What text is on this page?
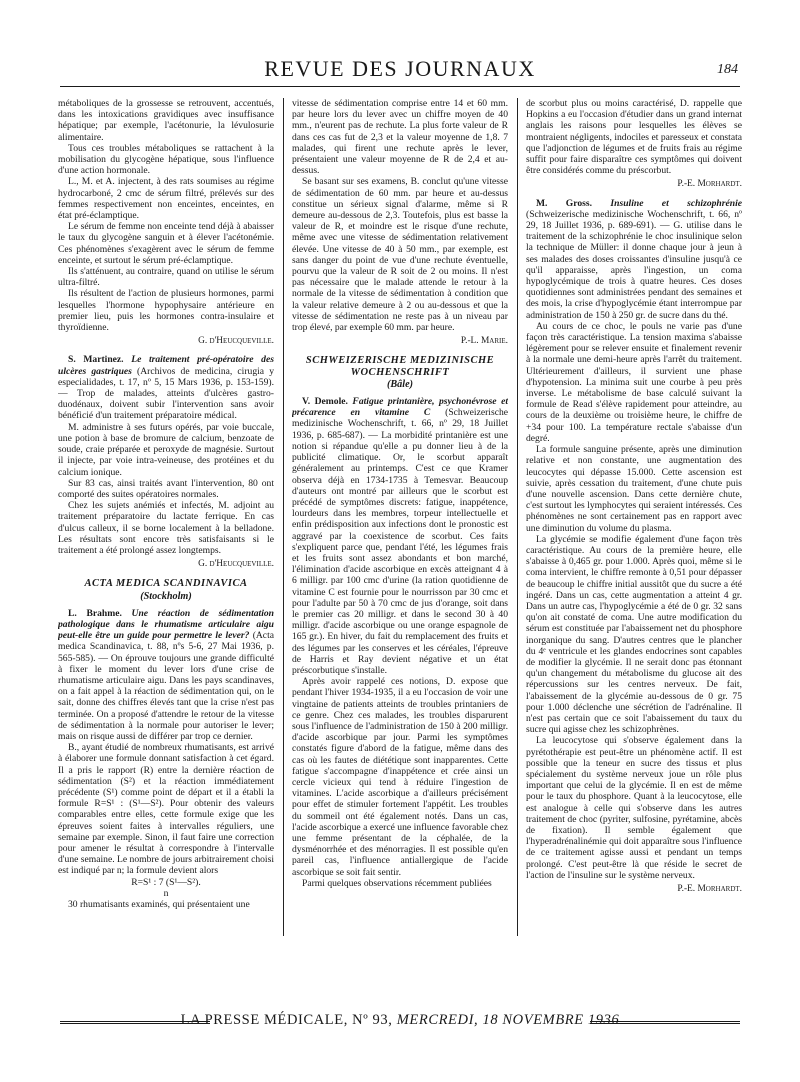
REVUE DES JOURNAUX	184

métaboliques de la grossesse se retrouvent, accentués, dans les intoxications gravidiques avec insuffisance hépatique; par exemple, l'acétonurie, la lévulosurie alimentaire.

Tous ces troubles métaboliques se rattachent à la mobilisation du glycogène hépatique, sous l'influence d'une action hormonale.

L., M. et A. injectent, à des rats soumises au régime hydrocarboné, 2 cmc de sérum filtré, prélevés sur des femmes respectivement non enceintes, enceintes, en état pré-éclamptique.

Le sérum de femme non enceinte tend déjà à abaisser le taux du glycogène sanguin et à élever l'acétonémie. Ces phénomènes s'exagèrent avec le sérum de femme enceinte, et surtout le sérum pré-éclamptique.

Ils s'atténuent, au contraire, quand on utilise le sérum ultra-filtré.

Ils résultent de l'action de plusieurs hormones, parmi lesquelles l'hormone hypophysaire antérieure en premier lieu, puis les hormones contra-insulaire et thyroïdienne.

G. d'Heucqueville.

S. Martinez. Le traitement pré-opératoire des ulcères gastriques (Archivos de medicina, cirugia y especialidades, t. 17, nº 5, 15 Mars 1936, p. 153-159). — Trop de malades, atteints d'ulcères gastro-duodénaux, doivent subir l'intervention sans avoir bénéficié d'un traitement préparatoire médical.

M. administre à ses futurs opérés, par voie buccale, une potion à base de bromure de calcium, benzoate de soude, craie préparée et peroxyde de magnésie. Surtout il injecte, par voie intra-veineuse, des protéines et du calcium ionique.

Sur 83 cas, ainsi traités avant l'intervention, 80 ont comporté des suites opératoires normales.

Chez les sujets anémiés et infectés, M. adjoint au traitement préparatoire du lactate ferrique. En cas d'ulcus calleux, il se borne localement à la belladone. Les résultats sont encore très satisfaisants si le traitement a été prolongé assez longtemps.

G. d'Heucqueville.
ACTA MEDICA SCANDINAVICA
(Stockholm)

L. Brahme. Une réaction de sédimentation pathologique dans le rhumatisme articulaire aigu peut-elle être un guide pour permettre le lever? (Acta medica Scandinavica, t. 88, nºs 5-6, 27 Mai 1936, p. 565-585). — On éprouve toujours une grande difficulté à fixer le moment du lever lors d'une crise de rhumatisme articulaire aigu. Dans les pays scandinaves, on a fait appel à la réaction de sédimentation qui, on le sait, donne des chiffres élevés tant que la crise n'est pas terminée. On a proposé d'attendre le retour de la vitesse de sédimentation à la normale pour autoriser le lever; mais on risque aussi de différer par trop ce dernier.

B., ayant étudié de nombreux rhumatisants, est arrivé à élaborer une formule donnant satisfaction à cet égard. Il a pris le rapport (R) entre la dernière réaction de sédimentation (S²) et la réaction immédiatement précédente (S¹) comme point de départ et il a établi la formule R=S¹ : (S¹—S²). Pour obtenir des valeurs comparables entre elles, cette formule exige que les épreuves soient faites à intervalles réguliers, une semaine par exemple. Sinon, il faut faire une correction pour amener le résultat à correspondre à l'intervalle d'une semaine. Le nombre de jours arbitrairement choisi est indiqué par n; la formule devient alors

R=S¹ : 7 (S¹—S²).

n

30 rhumatisants examinés, qui présentaient une

vitesse de sédimentation comprise entre 14 et 60 mm. par heure lors du lever avec un chiffre moyen de 40 mm., n'eurent pas de rechute. La plus forte valeur de R dans ces cas fut de 2,3 et la valeur moyenne de 1,8. 7 malades, qui firent une rechute après le lever, présentaient une valeur moyenne de R de 2,4 et au-dessus.

Se basant sur ses examens, B. conclut qu'une vitesse de sédimentation de 60 mm. par heure et au-dessus constitue un sérieux signal d'alarme, même si R demeure au-dessous de 2,3. Toutefois, plus est basse la valeur de R, et moindre est le risque d'une rechute, même avec une vitesse de sédimentation relativement élevée. Une vitesse de 40 à 50 mm., par exemple, est sans danger du point de vue d'une rechute éventuelle, pourvu que la valeur de R soit de 2 ou moins. Il n'est pas nécessaire que le malade attende le retour à la normale de la vitesse de sédimentation à condition que la valeur relative demeure à 2 ou au-dessous et que la vitesse de sédimentation ne reste pas à un niveau par trop élevé, par exemple 60 mm. par heure.

P.-L. Marie.
SCHWEIZERISCHE MEDIZINISCHE WOCHENSCHRIFT
(Bâle)

V. Demole. Fatigue printanière, psychonévrose et précarence en vitamine C (Schweizerische medizinische Wochenschrift, t. 66, nº 29, 18 Juillet 1936, p. 685-687). — La morbidité printanière est une notion si répandue qu'elle a pu donner lieu à de la publicité climatique. Or, le scorbut apparaît généralement au printemps. C'est ce que Kramer observa déjà en 1734-1735 à Temesvar. Beaucoup d'auteurs ont montré par ailleurs que le scorbut est précédé de symptômes discrets: fatigue, inappétence, lourdeurs dans les membres, torpeur intellectuelle et enfin prédisposition aux infections dont le pronostic est aggravé par la coexistence de scorbut. Ces faits s'expliquent parce que, pendant l'été, les légumes frais et les fruits sont assez abondants et bon marché, l'élimination d'acide ascorbique en excès atteignant 4 à 6 milligr. par 100 cmc d'urine (la ration quotidienne de vitamine C est fournie pour le nourrisson par 30 cmc et pour l'adulte par 50 à 70 cmc de jus d'orange, soit dans le premier cas 20 milligr. et dans le second 30 à 40 milligr. d'acide ascorbique ou une orange espagnole de 165 gr.). En hiver, du fait du remplacement des fruits et des légumes par les conserves et les céréales, l'épreuve de Harris et Ray devient négative et un état préscorbutique s'installe.

Après avoir rappelé ces notions, D. expose que pendant l'hiver 1934-1935, il a eu l'occasion de voir une vingtaine de patients atteints de troubles printaniers de ce genre. Chez ces malades, les troubles disparurent sous l'influence de l'administration de 150 à 200 milligr. d'acide ascorbique par jour. Parmi les symptômes constatés figure d'abord de la fatigue, même dans des cas où les fautes de diététique sont inapparentes. Cette fatigue s'accompagne d'inappétence et crée ainsi un cercle vicieux qui tend à réduire l'ingestion de vitamines. L'acide ascorbique a d'ailleurs précisément pour effet de stimuler fortement l'appétit. Les troubles du sommeil ont été également notés. Dans un cas, l'acide ascorbique a exercé une influence favorable chez une femme présentant de la céphalée, de la dysménorrhée et des ménorragies. Il est possible qu'en pareil cas, l'influence antiallergique de l'acide ascorbique se soit fait sentir.

Parmi quelques observations récemment publiées

de scorbut plus ou moins caractérisé, D. rappelle que Hopkins a eu l'occasion d'étudier dans un grand internat anglais les raisons pour lesquelles les élèves se montraient négligents, indociles et paresseux et constata que l'adjonction de légumes et de fruits frais au régime suffit pour faire disparaître ces symptômes qui doivent être considérés comme du préscorbut.

P.-E. Morhardt.

M. Gross. Insuline et schizophrénie (Schweizerische medizinische Wochenschrift, t. 66, nº 29, 18 Juillet 1936, p. 689-691). — G. utilise dans le traitement de la schizophrénie le choc insulinique selon la technique de Müller: il donne chaque jour à jeun à ses malades des doses croissantes d'insuline jusqu'à ce qu'il apparaisse, après l'ingestion, un coma hypoglycémique de trois à quatre heures. Ces doses quotidiennes sont administrées pendant des semaines et des mois, la crise d'hypoglycémie étant interrompue par administration de 150 à 250 gr. de sucre dans du thé.

Au cours de ce choc, le pouls ne varie pas d'une façon très caractéristique. La tension maxima s'abaisse légèrement pour se relever ensuite et finalement revenir à la normale une demi-heure après l'arrêt du traitement. Ultérieurement d'ailleurs, il survient une phase d'hypotension. La minima suit une courbe à peu près inverse. Le métabolisme de base calculé suivant la formule de Read s'élève rapidement pour atteindre, au cours de la deuxième ou troisième heure, le chiffre de +34 pour 100. La température rectale s'abaisse d'un degré.

La formule sanguine présente, après une diminution relative et non constante, une augmentation des leucocytes qui dépasse 15.000. Cette ascension est suivie, après cessation du traitement, d'une chute puis d'une nouvelle ascension. Dans cette dernière chute, c'est surtout les lymphocytes qui seraient intéressés. Ces phénomènes ne sont certainement pas en rapport avec une diminution du volume du plasma.

La glycémie se modifie également d'une façon très caractéristique. Au cours de la première heure, elle s'abaisse à 0,465 gr. pour 1.000. Après quoi, même si le coma intervient, le chiffre remonte à 0,51 pour dépasser de beaucoup le chiffre initial aussitôt que du sucre a été ingéré. Dans un cas, cette augmentation a atteint 4 gr. Dans un autre cas, l'hypoglycémie a été de 0 gr. 32 sans qu'on ait constaté de coma. Une autre modification du sérum est constituée par l'abaissement net du phosphore inorganique du sang. D'autres centres que le plancher du 4ᵉ ventricule et les glandes endocrines sont capables de modifier la glycémie. Il ne serait donc pas étonnant qu'un changement du métabolisme du glucose ait des répercussions sur les centres nerveux. De fait, l'abaissement de la glycémie au-dessous de 0 gr. 75 pour 1.000 déclenche une sécrétion de l'adrénaline. Il n'est pas certain que ce soit l'abaissement du taux du sucre qui agisse chez les schizophrènes.

La leucocytose qui s'observe également dans la pyrétothérapie est peut-être un phénomène actif. Il est possible que la teneur en sucre des tissus et plus spécialement du système nerveux joue un rôle plus important que celui de la glycémie. Il en est de même pour le taux du phosphore. Quant à la leucocytose, elle est analogue à celle qui s'observe dans les autres traitement de choc (pyriter, sulfosine, pyrétamine, abcès de fixation). Il semble également que l'hyperadrénalinémie qui doit apparaître sous l'influence de ce traitement agisse aussi et pendant un temps prolongé. C'est peut-être là que réside le secret de l'action de l'insuline sur le système nerveux.

P.-E. Morhardt.
LA PRESSE MÉDICALE, Nº 93, MERCREDI, 18 NOVEMBRE 1936
